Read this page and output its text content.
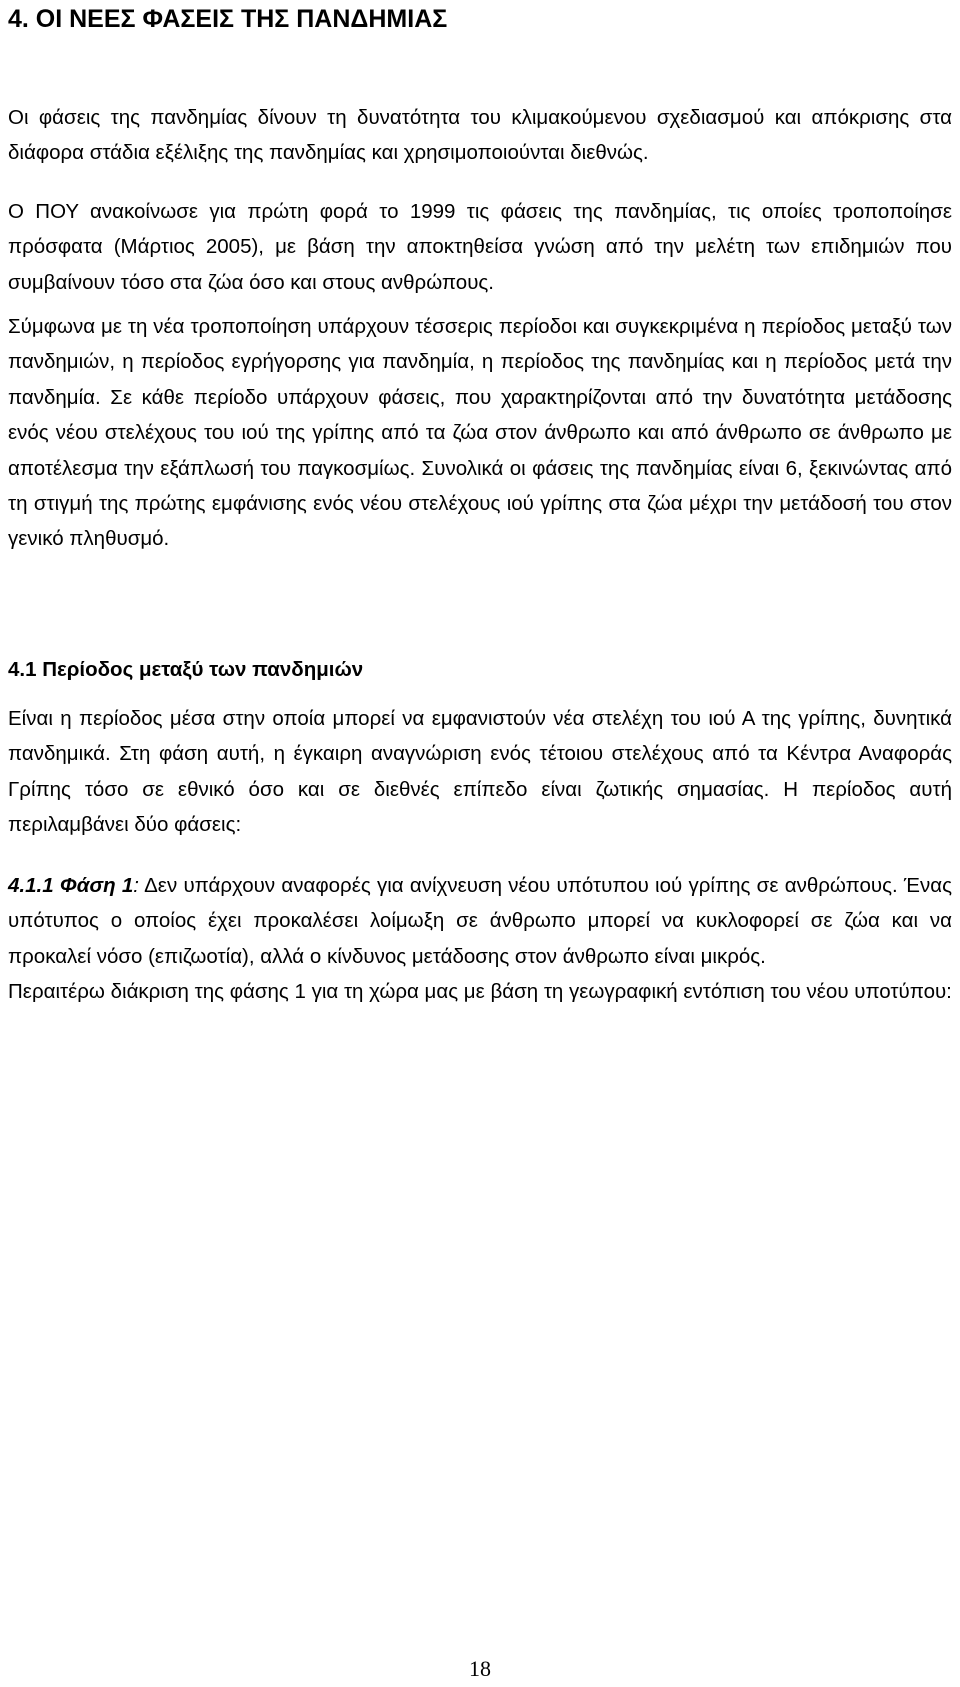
4. ΟΙ ΝΕΕΣ ΦΑΣΕΙΣ ΤΗΣ ΠΑΝΔΗΜΙΑΣ

Οι φάσεις της πανδημίας δίνουν τη δυνατότητα του κλιμακούμενου σχεδιασμού και απόκρισης στα διάφορα στάδια εξέλιξης της πανδημίας και χρησιμοποιούνται διεθνώς.

Ο ΠΟΥ ανακοίνωσε για πρώτη φορά το 1999 τις φάσεις της πανδημίας, τις οποίες τροποποίησε πρόσφατα (Μάρτιος 2005), με βάση την αποκτηθείσα γνώση από την μελέτη των επιδημιών που συμβαίνουν τόσο στα ζώα όσο και στους ανθρώπους.

Σύμφωνα με τη νέα τροποποίηση υπάρχουν τέσσερις περίοδοι και συγκεκριμένα η περίοδος μεταξύ των πανδημιών, η περίοδος εγρήγορσης για πανδημία, η περίοδος της πανδημίας και η περίοδος μετά την πανδημία. Σε κάθε περίοδο υπάρχουν φάσεις, που χαρακτηρίζονται από την δυνατότητα μετάδοσης ενός νέου στελέχους του ιού της γρίπης από τα ζώα στον άνθρωπο και από άνθρωπο σε άνθρωπο με αποτέλεσμα την εξάπλωσή του παγκοσμίως. Συνολικά οι φάσεις της πανδημίας είναι 6, ξεκινώντας από τη στιγμή της πρώτης εμφάνισης ενός νέου στελέχους ιού γρίπης στα ζώα μέχρι την μετάδοσή του στον γενικό πληθυσμό.

4.1 Περίοδος μεταξύ των πανδημιών

Είναι η περίοδος μέσα στην οποία μπορεί να εμφανιστούν νέα στελέχη του ιού Α της γρίπης, δυνητικά πανδημικά. Στη φάση αυτή, η έγκαιρη αναγνώριση ενός τέτοιου στελέχους από τα Κέντρα Αναφοράς Γρίπης τόσο σε εθνικό όσο και σε διεθνές επίπεδο είναι ζωτικής σημασίας. Η περίοδος αυτή περιλαμβάνει δύο φάσεις:

4.1.1 Φάση 1: Δεν υπάρχουν αναφορές για ανίχνευση νέου υπότυπου ιού γρίπης σε ανθρώπους. Ένας υπότυπος ο οποίος έχει προκαλέσει λοίμωξη σε άνθρωπο μπορεί να κυκλοφορεί σε ζώα και να προκαλεί νόσο (επιζωοτία), αλλά ο κίνδυνος μετάδοσης στον άνθρωπο είναι μικρός.

Περαιτέρω διάκριση της φάσης 1 για τη χώρα μας με βάση τη γεωγραφική εντόπιση του νέου υποτύπου:

18
